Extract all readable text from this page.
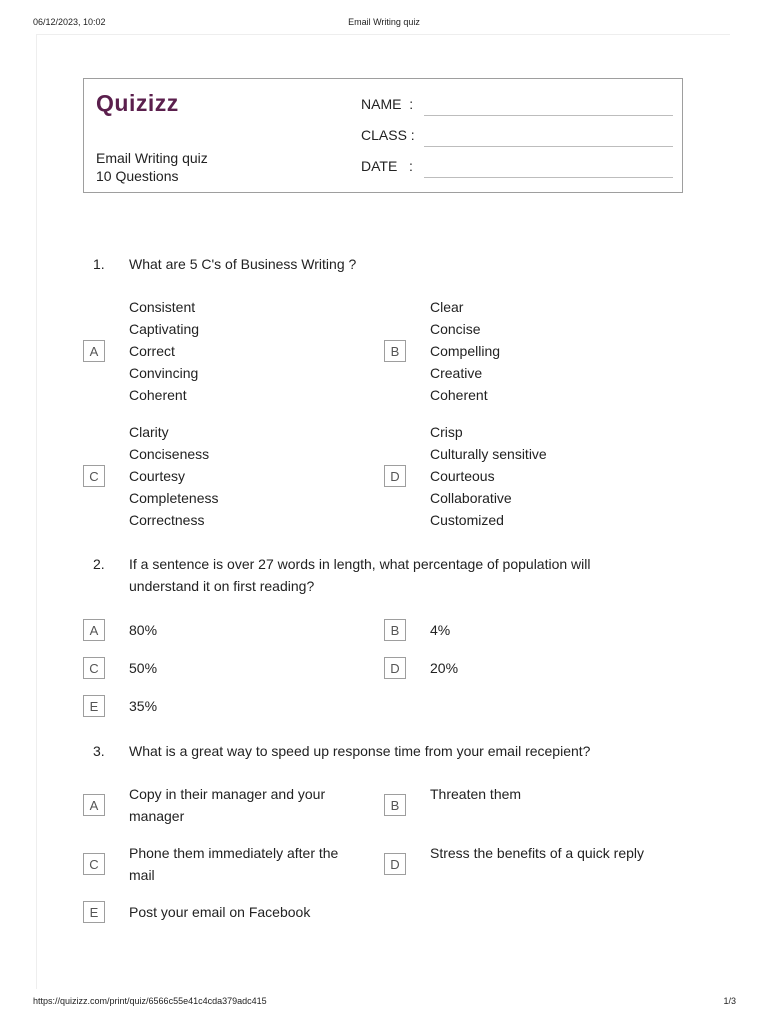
Email Writing quiz
06/12/2023, 10:02
Quizizz
Email Writing quiz
10 Questions
NAME  :
CLASS :
DATE   :
1. What are 5 C's of Business Writing ?
A
Consistent
Captivating
Correct
Convincing
Coherent
B
Clear
Concise
Compelling
Creative
Coherent
C
Clarity
Conciseness
Courtesy
Completeness
Correctness
D
Crisp
Culturally sensitive
Courteous
Collaborative
Customized
2. If a sentence is over 27 words in length, what percentage of population will understand it on first reading?
A	80%	B	4%
C	50%	D	20%
E	35%
3. What is a great way to speed up response time from your email recepient?
A
Copy in their manager and your
manager
B
Threaten them
C
Phone them immediately after the
mail
D
Stress the benefits of a quick reply
E	Post your email on Facebook
https://quizizz.com/print/quiz/6566c55e41c4cda379adc415	1/3
